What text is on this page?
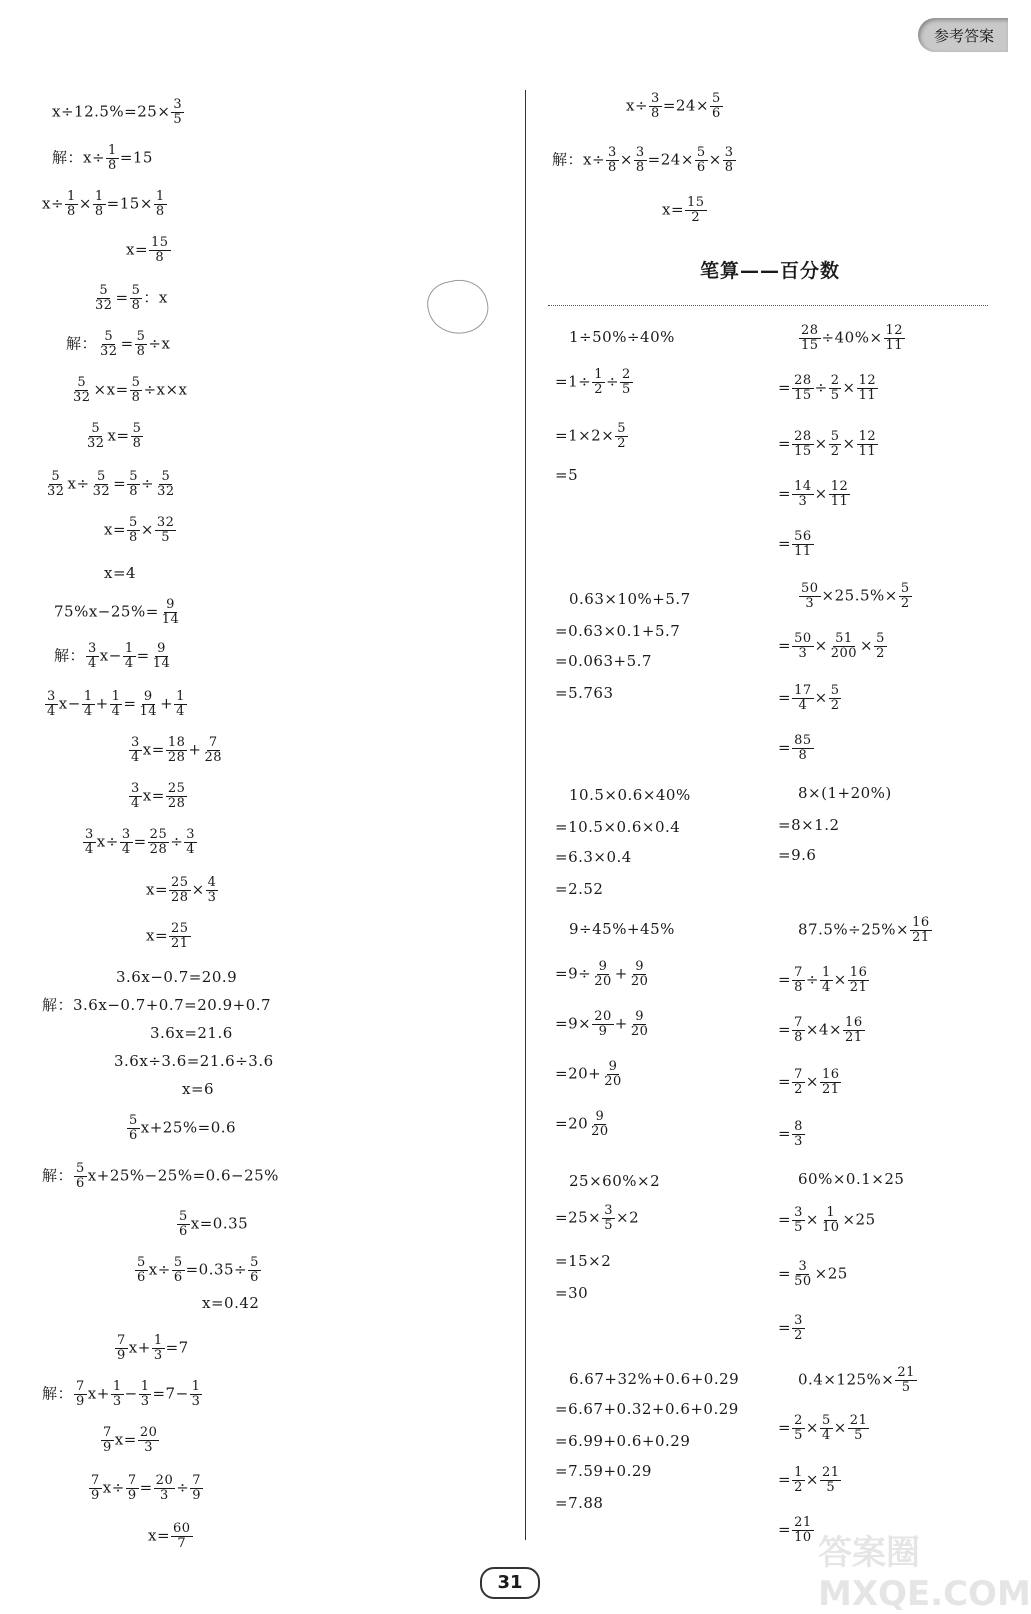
参考答案
答案圈 MXQE.COM
$x\div 12.5\%=25\times \frac{3}{5}$
解：$x\div \frac{1}{8} =15$
$x\div \frac{1}{8} \times \frac{1}{8} =15\times \frac{1}{8}$
$x= \frac{15}{8}$
$\frac{5}{32} = \frac{5}{8}$ ：x
解： $\frac{5}{32} = \frac{5}{8} \div x$
$\frac{5}{32} \times x= \frac{5}{8} \div x\times x$
$\frac{5}{32} x= \frac{5}{8}$
$\frac{5}{32} x\div \frac{5}{32} = \frac{5}{8} \div \frac{5}{32}$
$x= \frac{5}{8} \times \frac{32}{5}$
x=4
$75\%x-25\%= \frac{9}{14}$
解： $\frac{3}{4} x- \frac{1}{4} = \frac{9}{14}$
$\frac{3}{4} x- \frac{1}{4} + \frac{1}{4} = \frac{9}{14} + \frac{1}{4}$
$\frac{3}{4} x= \frac{18}{28} + \frac{7}{28}$
$\frac{3}{4} x= \frac{25}{28}$
$\frac{3}{4} x\div \frac{3}{4} = \frac{25}{28} \div \frac{3}{4}$
$x= \frac{25}{28} \times \frac{4}{3}$
$x= \frac{25}{21}$
3.6x−0.7=20.9
解：3.6x−0.7+0.7=20.9+0.7
3.6x=21.6
3.6x÷3.6=21.6÷3.6
x=6
$\frac{5}{6} x+25\%=0.6$
解： $\frac{5}{6} x+25\%-25\%=0.6-25\%$
$\frac{5}{6} x=0.35$
$\frac{5}{6} x\div \frac{5}{6} =0.35\div \frac{5}{6}$
x=0.42
$\frac{7}{9} x+ \frac{1}{3} =7$
解： $\frac{7}{9} x+ \frac{1}{3} - \frac{1}{3} =7- \frac{1}{3}$
$\frac{7}{9} x= \frac{20}{3}$
$\frac{7}{9} x\div \frac{7}{9} = \frac{20}{3} \div \frac{7}{9}$
$x= \frac{60}{7}$
$x\div \frac{3}{8} =24\times \frac{5}{6}$
解：$x\div \frac{3}{8} \times \frac{3}{8} =24\times \frac{5}{6} \times \frac{3}{8}$
$x= \frac{15}{2}$
笔算——百分数
1÷50%÷40%
$=1\div \frac{1}{2} \div \frac{2}{5}$
$=1\times 2\times \frac{5}{2}$
=5
$\frac{28}{15} \div 40\%\times \frac{12}{11}$
= $\frac{28}{15} \div \frac{2}{5} \times \frac{12}{11}$
= $\frac{28}{15} \times \frac{5}{2} \times \frac{12}{11}$
= $\frac{14}{3} \times \frac{12}{11}$
= $\frac{56}{11}$
0.63×10%+5.7
=0.63×0.1+5.7
=0.063+5.7
=5.763
$\frac{50}{3} \times 25.5\%\times \frac{5}{2}$
= $\frac{50}{3} \times \frac{51}{200} \times \frac{5}{2}$
= $\frac{17}{4} \times \frac{5}{2}$
= $\frac{85}{8}$
10.5×0.6×40%
=10.5×0.6×0.4
=6.3×0.4
=2.52
8×(1+20%)
=8×1.2
=9.6
9÷45%+45%
$=9\div \frac{9}{20} + \frac{9}{20}$
$=9\times \frac{20}{9} + \frac{9}{20}$
$=20+ \frac{9}{20}$
$=20 \frac{9}{20}$
$87.5\%\div 25\%\times \frac{16}{21}$
= $\frac{7}{8} \div \frac{1}{4} \times \frac{16}{21}$
= $\frac{7}{8} \times 4\times \frac{16}{21}$
= $\frac{7}{2} \times \frac{16}{21}$
= $\frac{8}{3}$
25×60%×2
$=25\times \frac{3}{5} \times 2$
=15×2
=30
60%×0.1×25
= $\frac{3}{5} \times \frac{1}{10} \times 25$
= $\frac{3}{50} \times 25$
= $\frac{3}{2}$
6.67+32%+0.6+0.29
=6.67+0.32+0.6+0.29
=6.99+0.6+0.29
=7.59+0.29
=7.88
$0.4\times 125\%\times \frac{21}{5}$
= $\frac{2}{5} \times \frac{5}{4} \times \frac{21}{5}$
= $\frac{1}{2} \times \frac{21}{5}$
= $\frac{21}{10}$
31
